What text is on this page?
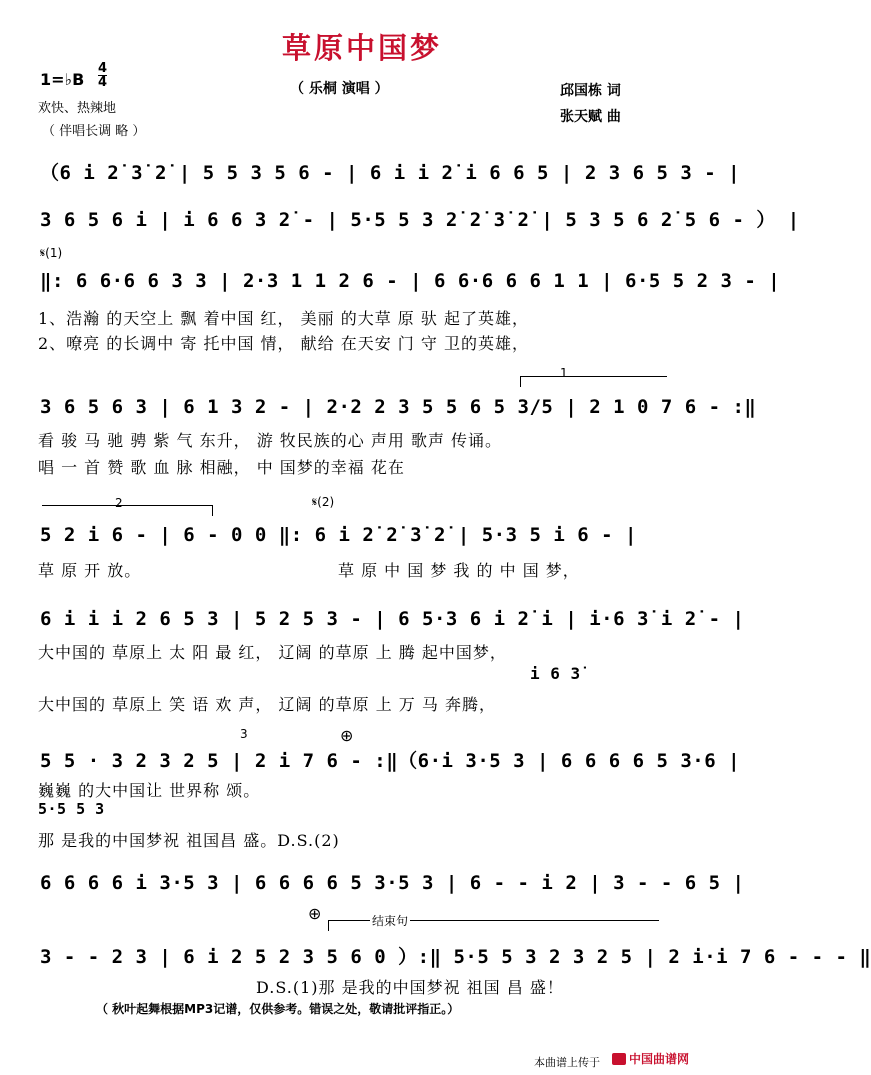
草原中国梦
1=♭B
4
4
欢快、热辣地
（ 伴唱长调 略 ）
（ 乐桐 演唱 ）	邱国栋 词
张天赋 曲
（6 i 2̇ 3̇ 2̇ | 5 5 3 5 6 - | 6 i i 2̇ i 6 6 5 | 2 3 6 5 3 - |
3 6 5 6 i | i 6 6 3 2̇ - | 5·5 5 3 2̇ 2̇ 3̇ 2̇ | 5 3 5 6 2̇ 5 6 - ） |
𝄋(1)
‖: 6 6·6 6 3 3 | 2·3 1 1 2 6 - | 6 6·6 6 6 1 1 | 6·5 5 2 3 - |
1、浩瀚 的天空上 飘 着中国 红， 美丽 的大草 原 驮 起了英雄，
2、嘹亮 的长调中 寄 托中国 情， 献给 在天安 门 守 卫的英雄，
1
3 6 5 6 3 | 6 1 3 2 - | 2·2 2 3 5 5 6 5 3/5 | 2 1 0 7 6 - :‖
看 骏 马 驰 骋 紫 气 东升， 游 牧民族的心 声用 歌声 传诵。
唱 一 首 赞 歌 血 脉 相融， 中 国梦的幸福 花在
2	𝄋(2)
5 2 i 6 - | 6 - 0 0 ‖: 6 i 2̇ 2̇ 3̇ 2̇ | 5·3 5 i 6 - |
草 原 开 放。	草 原 中 国 梦 我 的 中 国 梦，
6 i i i 2 6 5 3 | 5 2 5 3 - | 6 5·3 6 i 2̇ i | i·6 3̇ i 2̇ - |
大中国的 草原上 太 阳 最 红， 辽阔 的草原 上 腾 起中国梦，
i 6 3̇
大中国的 草原上 笑 语 欢 声， 辽阔 的草原 上 万 马 奔腾，
3	⊕
5 5 · 3 2 3 2 5 | 2 i 7 6 - :‖（6·i 3·5 3 | 6 6 6 6 5 3·6 |
巍巍 的大中国让 世界称 颂。
5·5 5 3
那 是我的中国梦祝 祖国昌 盛。D.S.(2)
6 6 6 6 i 3·5 3 | 6 6 6 6 5 3·5 3 | 6 - - i 2 | 3 - - 6 5 |
⊕	结束句
3 - - 2 3 | 6 i 2 5 2 3 5 6 0 ）:‖ 5·5 5 3 2 3 2 5 | 2 i·i 7 6 - - - ‖
D.S.(1)那 是我的中国梦祝 祖国 昌 盛！
（ 秋叶起舞根据MP3记谱，仅供参考。错误之处，敬请批评指正。）
本曲谱上传于 中国曲谱网
